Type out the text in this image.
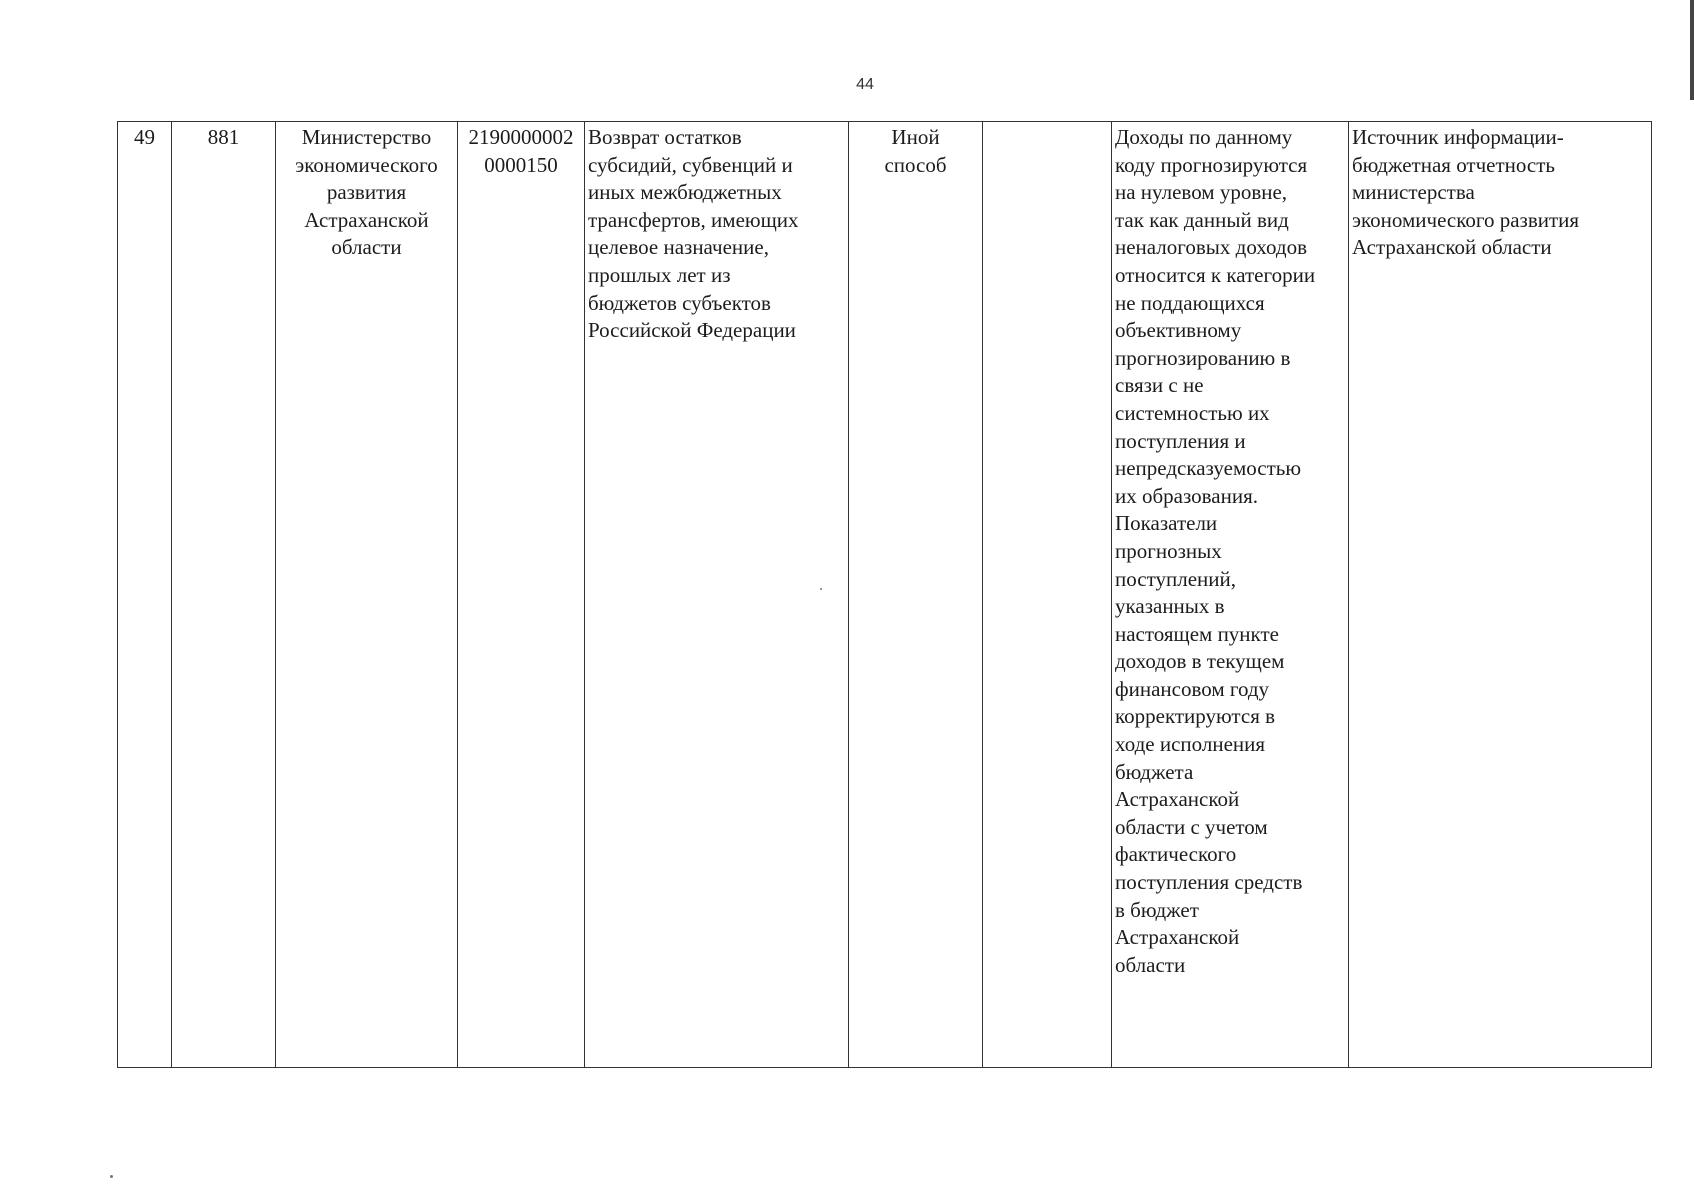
44
49	881	Министерство
экономического
развития
Астраханской
области	2190000002
0000150	Возврат остатков
субсидий, субвенций и
иных межбюджетных
трансфертов, имеющих
целевое назначение,
прошлых лет из
бюджетов субъектов
Российской Федерации	Иной
способ		Доходы по данному
коду прогнозируются
на нулевом уровне,
так как данный вид
неналоговых доходов
относится к категории
не поддающихся
объективному
прогнозированию в
связи с не
системностью их
поступления и
непредсказуемостью
их образования.
Показатели
прогнозных
поступлений,
указанных в
настоящем пункте
доходов в текущем
финансовом году
корректируются в
ходе исполнения
бюджета
Астраханской
области с учетом
фактического
поступления средств
в бюджет
Астраханской
области	Источник информации-
бюджетная отчетность
министерства
экономического развития
Астраханской области
